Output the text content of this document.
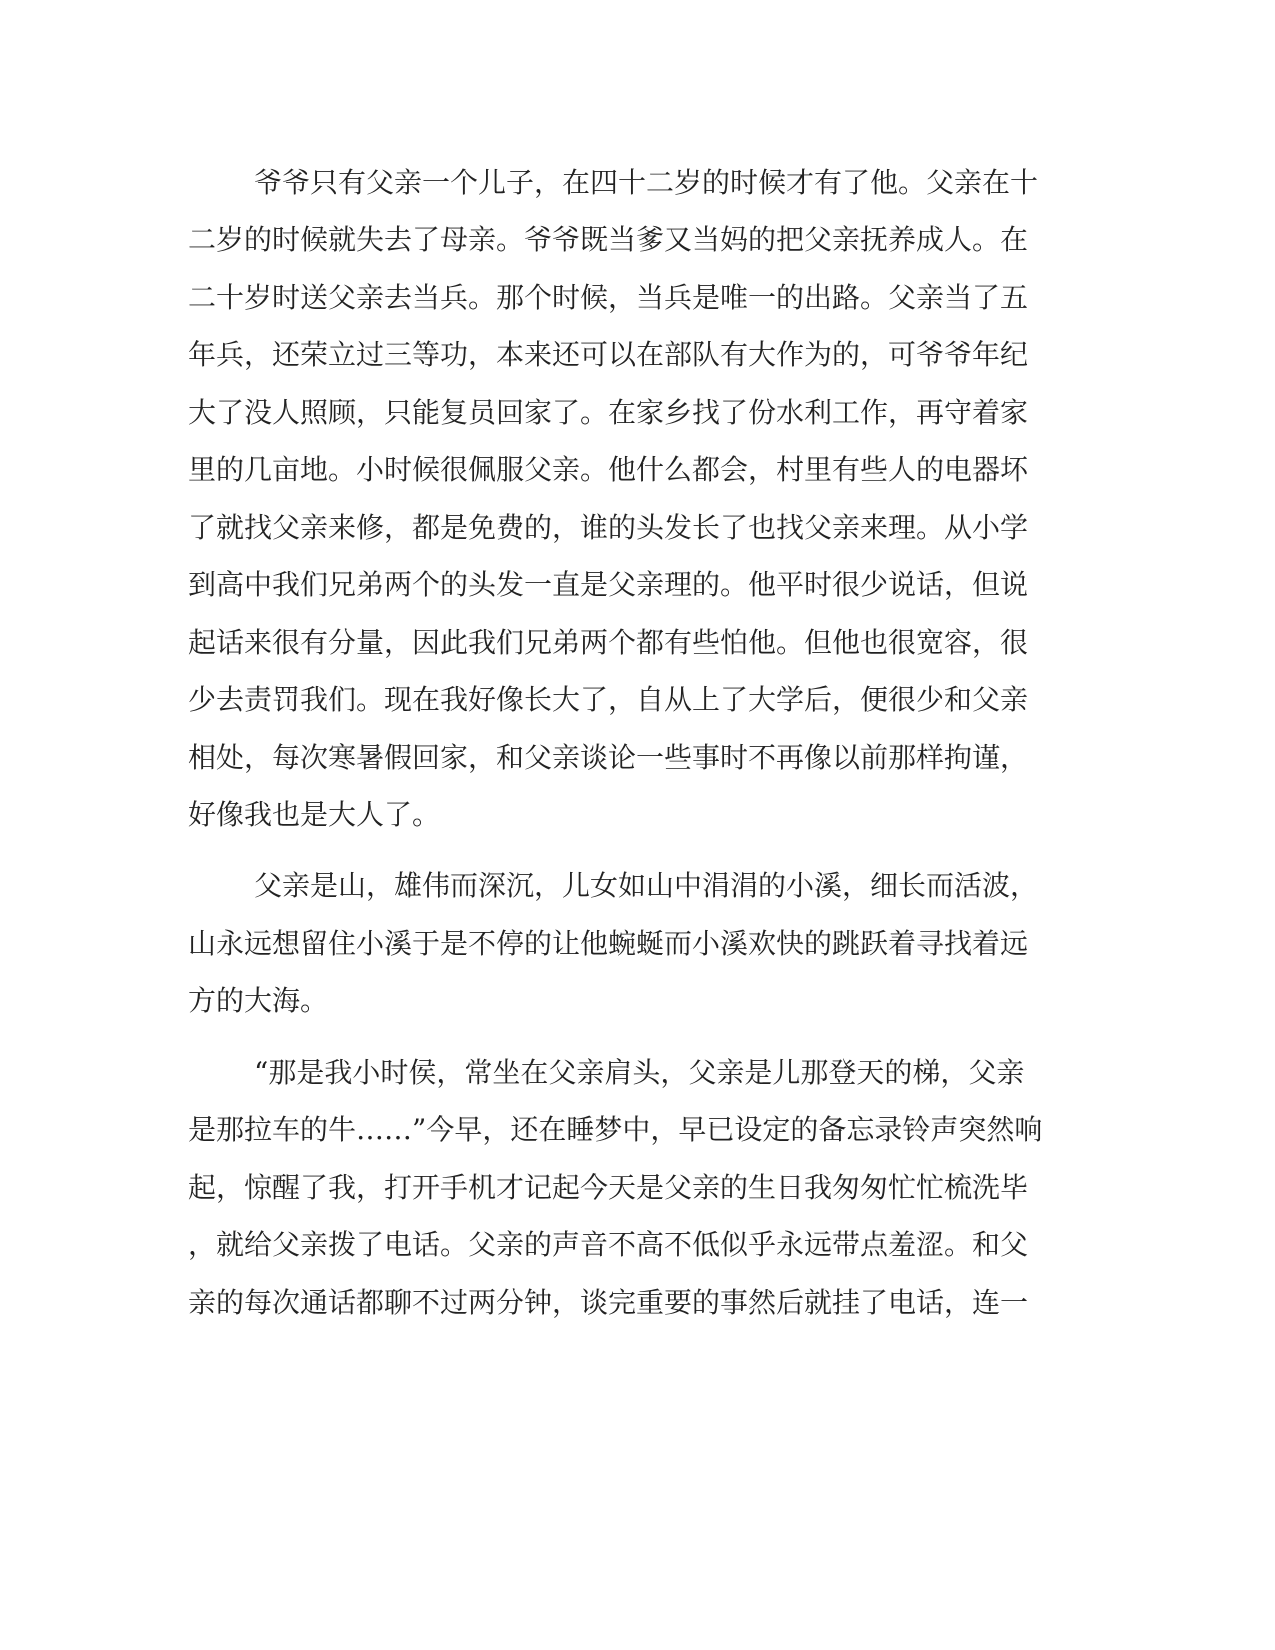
爷爷只有父亲一个儿子，在四十二岁的时候才有了他。父亲在十
二岁的时候就失去了母亲。爷爷既当爹又当妈的把父亲抚养成人。在
二十岁时送父亲去当兵。那个时候，当兵是唯一的出路。父亲当了五
年兵，还荣立过三等功，本来还可以在部队有大作为的，可爷爷年纪
大了没人照顾，只能复员回家了。在家乡找了份水利工作，再守着家
里的几亩地。小时候很佩服父亲。他什么都会，村里有些人的电器坏
了就找父亲来修，都是免费的，谁的头发长了也找父亲来理。从小学
到高中我们兄弟两个的头发一直是父亲理的。他平时很少说话，但说
起话来很有分量，因此我们兄弟两个都有些怕他。但他也很宽容，很
少去责罚我们。现在我好像长大了，自从上了大学后，便很少和父亲
相处，每次寒暑假回家，和父亲谈论一些事时不再像以前那样拘谨，
好像我也是大人了。
父亲是山，雄伟而深沉，儿女如山中涓涓的小溪，细长而活波，
山永远想留住小溪于是不停的让他蜿蜒而小溪欢快的跳跃着寻找着远
方的大海。
“那是我小时侯，常坐在父亲肩头，父亲是儿那登天的梯，父亲
是那拉车的牛……”今早，还在睡梦中，早已设定的备忘录铃声突然响
起，惊醒了我，打开手机才记起今天是父亲的生日我匆匆忙忙梳洗毕
，就给父亲拨了电话。父亲的声音不高不低似乎永远带点羞涩。和父
亲的每次通话都聊不过两分钟，谈完重要的事然后就挂了电话，连一
